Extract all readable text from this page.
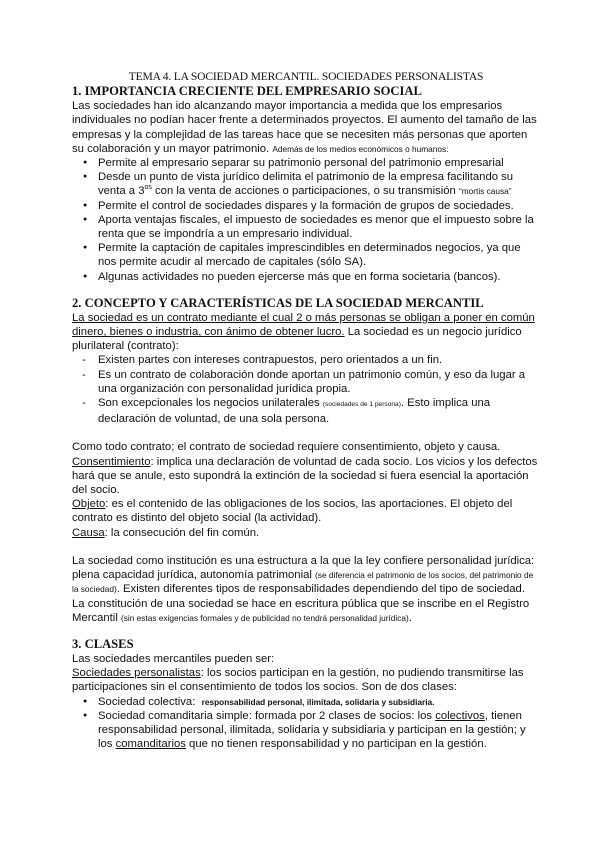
TEMA 4. LA SOCIEDAD MERCANTIL. SOCIEDADES PERSONALISTAS
1. IMPORTANCIA CRECIENTE DEL EMPRESARIO SOCIAL

Las sociedades han ido alcanzando mayor importancia a medida que los empresarios individuales no podían hacer frente a determinados proyectos. El aumento del tamaño de las empresas y la complejidad de las tareas hace que se necesiten más personas que aporten su colaboración y un mayor patrimonio. Además de los medios económicos o humanos:

● Permite al empresario separar su patrimonio personal del patrimonio empresarial
● Desde un punto de vista jurídico delimita el patrimonio de la empresa facilitando su venta a $3^{os}$ con la venta de acciones o participaciones, o su transmisión “mortis causa”
● Permite el control de sociedades dispares y la formación de grupos de sociedades.
● Aporta ventajas fiscales, el impuesto de sociedades es menor que el impuesto sobre la renta que se impondría a un empresario individual.
● Permite la captación de capitales imprescindibles en determinados negocios, ya que nos permite acudir al mercado de capitales (sólo SA).
● Algunas actividades no pueden ejercerse más que en forma societaria (bancos).
2. CONCEPTO Y CARACTERÍSTICAS DE LA SOCIEDAD MERCANTIL

La sociedad es un contrato mediante el cual 2 o más personas se obligan a poner en común dinero, bienes o industria, con ánimo de obtener lucro. La sociedad es un negocio jurídico plurilateral (contrato):

- Existen partes con intereses contrapuestos, pero orientados a un fin.
- Es un contrato de colaboración donde aportan un patrimonio común, y eso da lugar a una organización con personalidad jurídica propia.
- Son excepcionales los negocios unilaterales (sociedades de 1 persona). Esto implica una declaración de voluntad, de una sola persona.

Como todo contrato; el contrato de sociedad requiere consentimiento, objeto y causa.

Consentimiento: implica una declaración de voluntad de cada socio. Los vicios y los defectos hará que se anule, esto supondrá la extinción de la sociedad si fuera esencial la aportación del socio.

Objeto: es el contenido de las obligaciones de los socios, las aportaciones. El objeto del contrato es distinto del objeto social (la actividad).

Causa: la consecución del fin común.

La sociedad como institución es una estructura a la que la ley confiere personalidad jurídica: plena capacidad jurídica, autonomía patrimonial (se diferencia el patrimonio de los socios, del patrimonio de la sociedad). Existen diferentes tipos de responsabilidades dependiendo del tipo de sociedad. La constitución de una sociedad se hace en escritura pública que se inscribe en el Registro Mercantil (sin estas exigencias formales y de publicidad no tendrá personalidad jurídica).

3. CLASES

Las sociedades mercantiles pueden ser:

Sociedades personalistas: los socios participan en la gestión, no pudiendo transmitirse las participaciones sin el consentimiento de todos los socios. Son de dos clases:

● Sociedad colectiva: responsabilidad personal, ilimitada, solidaria y subsidiaria.
● Sociedad comanditaria simple: formada por 2 clases de socios: los colectivos, tienen responsabilidad personal, ilimitada, solidaria y subsidiaria y participan en la gestión; y los comanditarios que no tienen responsabilidad y no participan en la gestión.
